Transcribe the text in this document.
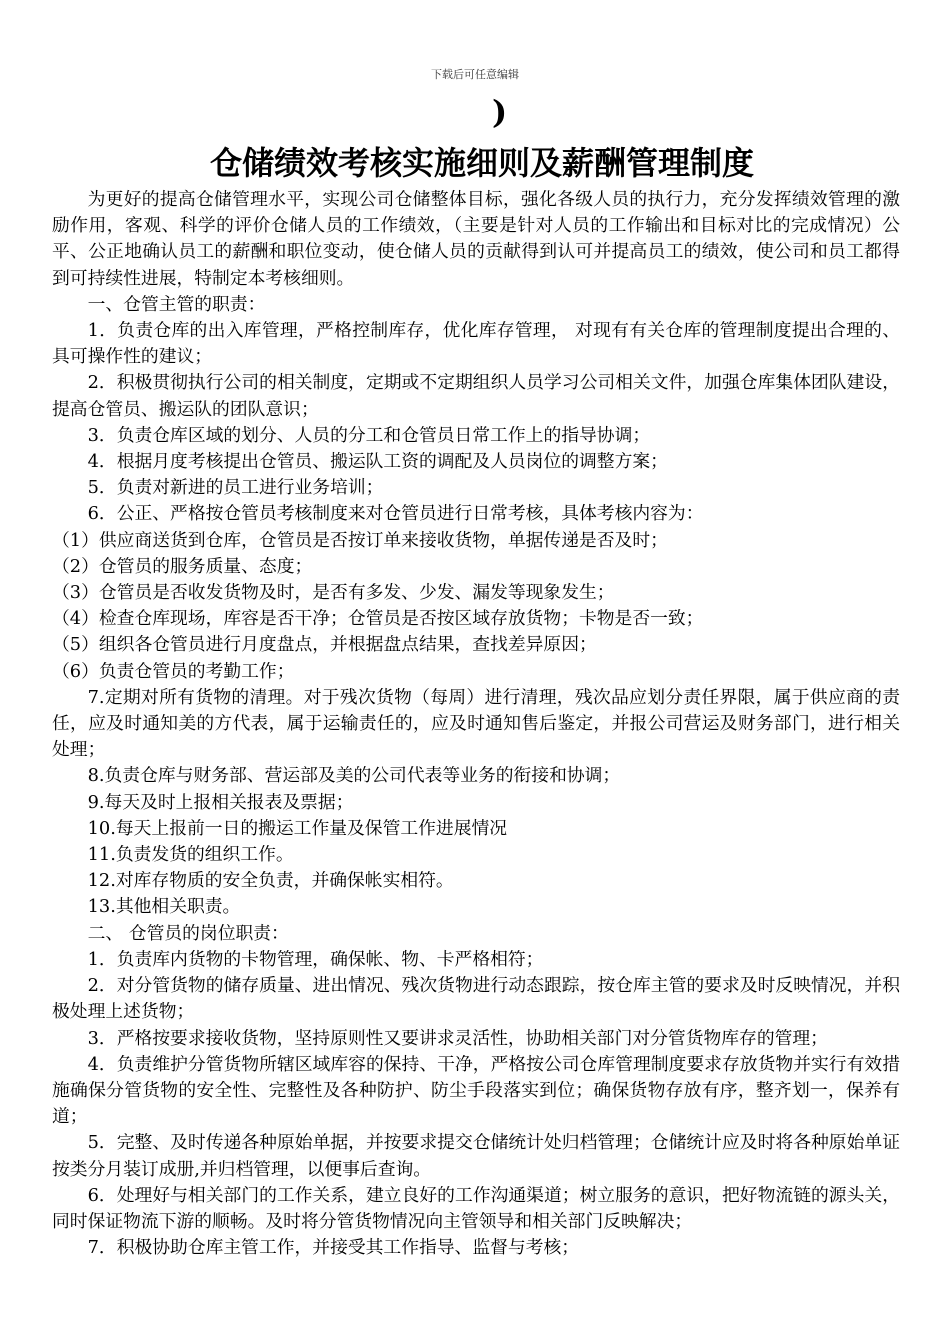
下载后可任意编辑
)
仓储绩效考核实施细则及薪酬管理制度

为更好的提高仓储管理水平，实现公司仓储整体目标，强化各级人员的执行力，充分发挥绩效管理的激励作用，客观、科学的评价仓储人员的工作绩效，（主要是针对人员的工作输出和目标对比的完成情况）公平、公正地确认员工的薪酬和职位变动，使仓储人员的贡献得到认可并提高员工的绩效，使公司和员工都得到可持续性进展，特制定本考核细则。

一、仓管主管的职责：

1．负责仓库的出入库管理，严格控制库存，优化库存管理， 对现有有关仓库的管理制度提出合理的、具可操作性的建议；

2．积极贯彻执行公司的相关制度，定期或不定期组织人员学习公司相关文件，加强仓库集体团队建设，提高仓管员、搬运队的团队意识；

3．负责仓库区域的划分、人员的分工和仓管员日常工作上的指导协调；

4．根据月度考核提出仓管员、搬运队工资的调配及人员岗位的调整方案；

5．负责对新进的员工进行业务培训；

6．公正、严格按仓管员考核制度来对仓管员进行日常考核，具体考核内容为：

（1）供应商送货到仓库，仓管员是否按订单来接收货物，单据传递是否及时；

（2）仓管员的服务质量、态度；

（3）仓管员是否收发货物及时，是否有多发、少发、漏发等现象发生；

（4）检查仓库现场，库容是否干净；仓管员是否按区域存放货物；卡物是否一致；

（5）组织各仓管员进行月度盘点，并根据盘点结果，查找差异原因；

（6）负责仓管员的考勤工作；

7.定期对所有货物的清理。对于残次货物（每周）进行清理，残次品应划分责任界限，属于供应商的责任，应及时通知美的方代表，属于运输责任的，应及时通知售后鉴定，并报公司营运及财务部门，进行相关处理；

8.负责仓库与财务部、营运部及美的公司代表等业务的衔接和协调；

9.每天及时上报相关报表及票据；

10.每天上报前一日的搬运工作量及保管工作进展情况

11.负责发货的组织工作。

12.对库存物质的安全负责，并确保帐实相符。

13.其他相关职责。

二、 仓管员的岗位职责：

1．负责库内货物的卡物管理，确保帐、物、卡严格相符；

2．对分管货物的储存质量、进出情况、残次货物进行动态跟踪，按仓库主管的要求及时反映情况，并积极处理上述货物；

3．严格按要求接收货物，坚持原则性又要讲求灵活性，协助相关部门对分管货物库存的管理；

4．负责维护分管货物所辖区域库容的保持、干净，严格按公司仓库管理制度要求存放货物并实行有效措施确保分管货物的安全性、完整性及各种防护、防尘手段落实到位；确保货物存放有序，整齐划一，保养有道；

5．完整、及时传递各种原始单据，并按要求提交仓储统计处归档管理；仓储统计应及时将各种原始单证按类分月装订成册,并归档管理，以便事后查询。

6．处理好与相关部门的工作关系，建立良好的工作沟通渠道；树立服务的意识，把好物流链的源头关，同时保证物流下游的顺畅。及时将分管货物情况向主管领导和相关部门反映解决；

7．积极协助仓库主管工作，并接受其工作指导、监督与考核；
